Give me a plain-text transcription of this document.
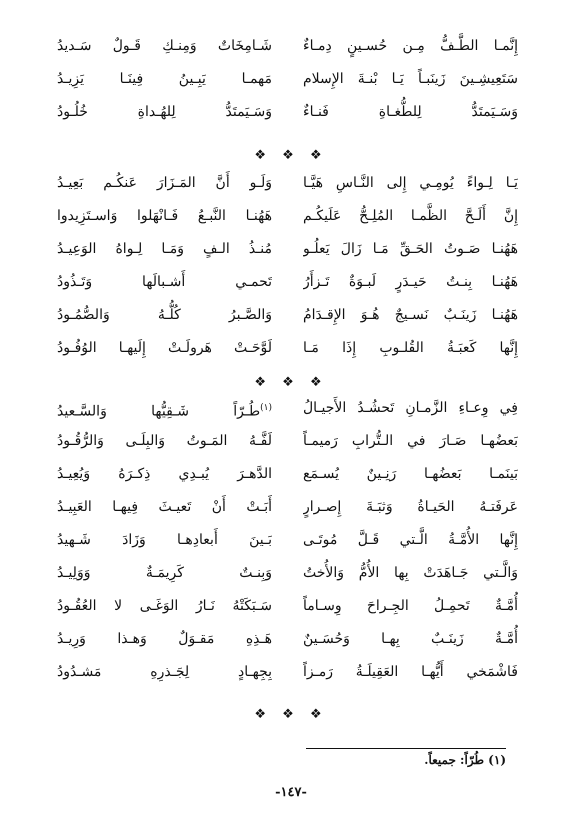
إِنَّمـا الطَّـفُّ مِـن حُسـينٍ دِمـاءٌ
شَـامِخَاتٌ وَمِنـكِ قَـولٌ سَـديدُ
سَتَعِيشِـينَ زَينَبـاً يَـا بْنـةَ الإِسلام
مَهمـا يَبِـينُ فِينَـا يَزِيـدُ
وَسَـيَمتَدُّ لِلطُّغـاةِ فَنـاءٌ
وَسَـيَمتَدُّ لِلهُـداةِ خُلُـودُ
❖ ❖ ❖
يَـا لِـواءً يُومِـي إِلى النَّـاسِ هَيَّـا
وَلَـو أَنَّ المَـزَارَ عَنكُـم بَعِيـدُ
إِنَّ أَلَـحَّ الظَّمـا المُلِـحُّ عَلَيكُـم
هَهُنـا النَّبـعُ فَـانْهَلوا وَاسـتَزِيدوا
هَهُنـا صَـوتُ الحَـقِّ مَـا زَالَ يَعلُـو
مُنـذُ الـفٍ وَمَـا لِـواهُ الوَعِيـدُ
هَهُنـا بِنـتُ حَيـدَرٍ لَبـوَةٌ تَـزأَرُ
تَحمـي أَشـبالَها وَتَـذُودُ
هَهُنـا زَينَـبٌ نَسـيجٌ هُـوَ الإِقـدَامُ
وَالصَّـبرُ كُلُّـهُ وَالصُّمُـودُ
إِنَّها كَعبَـةُ القُلـوبِ إِذَا مَـا
لَوَّحَـتْ هَرولَـتْ إِلَيهـا الوُفُـودُ
❖ ❖ ❖
فِي وِعـاءِ الزَّمـانِ تَحشُـدُ الأَجيـالُ
$^{(١)}$طُـرّاً شَـقِيُّها وَالسَّـعيدُ
بَعضُهـا صَـارَ في الـتُّرابِ رَميمـاً
لَفَّـهُ المَـوتُ وَالبِلَـى وَالرُّقُـودُ
بَينَمـا بَعضُهـا رَنِـينٌ يُسـمَع
الدَّهـرَ يُبـدِي ذِكـرَهُ وَيُعِيـدُ
عَرفَتـهُ الحَيـاةُ وَثبَـةَ إِصـرارٍ
أَبَـتْ أَنْ تَعيـثَ فِيهـا العَبِيـدُ
إِنَّها الأُمَّـةُ الَّـتي قَـلَّ مُوتَـى
بَـينَ أَبعادِهـا وَزَادَ شَـهيدُ
وَالَّـتي جَـاهَدَتْ بِها الأُمُّ وَالأُختُ
وَبِنـتٌ كَرِيمَـةٌ وَوَلِيـدُ
أُمَّـةٌ تَحمِـلُ الجِـراحَ وِسـاماً
سَـبَكَتْهُ نَـارُ الوَغَـى لا العُقُـودُ
أُمَّـةٌ زَينَـبٌ بِهـا وَحُسَـينٌ
هَـذِهِ مَقـوَلٌ وَهـذا وَرِيـدُ
فَاشْمَخي أَيُّهـا العَقِيلَـةُ رَمـزاً
بِجِهـادٍ لِجَـذرِهِ مَشـدُودُ
❖ ❖ ❖
(١) طُرّاً: جميعاً.
-١٤٧-
